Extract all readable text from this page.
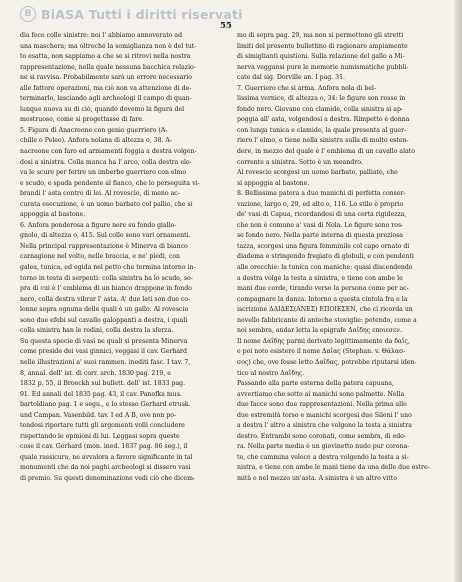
B BiASA Tutti i diritti riservati
55
dia fece colle sinistre: noi l' abbiamo annoverato ad
una maschera; ma oltreché la somiglianza non è del tut-
to esatta, non sappiamo a che se si ritrovi nella nostra
rappresentazione, nella quale nessuna bacchica relazio-
ne si ravvisa. Probabilmente sarà un errore necessario
alle fattore operazioni, ma ciò non va attenzione di de-
terminarlo, lasciando agli archeologi il campo di quan-
lunque nuova su di ciò, quando dovemo la figura del
mostruoso, come si progettasse di fare.
5. Figura di Anacreone con genio guerriero (A-
chille o Peleo). Anfora nolana di altezza o, 38. A-
nacreone con faro ed armamenti foggia a destra volgen-
dosi a sinistra. Colla manca ha l' arco, colla destra ele-
va le scure per ferire un imberbe guerriero con elmo
e scudo, e spada pendente al fianco, che lo perseguita vi-
brandi l' asta contro di lei. Al rovescio, di meno ac-
curata esecuzione, è un uomo barbato col pallio, che si
appoggia al bastone.
6. Anfora ponderosa a figure nere su fondo giallo-
gnolo, di altezza o, 415. Sul collo sono vari ornamenti.
Nella principal rappresentazione è Minerva di bianco
carnagione nel volto, nelle braccia, e ne' piedi, con
galea, tunica, ed egida nel petto che termina intorno in-
torno in testa di serpenti: colla sinistra ha lo scudo, so-
pra di cui è l' emblema di un bianco drappone in fondo
nero, colla destra vibrar l' asta. A' due lati son due co-
lonne sopra ognuna delle quali è un gallo. Al rovescio
sono due efebi sul cavallo galoppanti a destra, i quali
colla sinistra han le redini, colla destra la sferza.
Su questa specie di vasi ne quali si presenta Minerva
come preside dei vasi ginnici, veggasi il cav. Gerhard
nelle illustrazioni a' suoi rammen. inediti fasc. I tav. 7,
8, annal. dell' ist. di corr. arch. 1830 pag. 219, e
1832 p. 55, il Broeckh sul bullett. dell' ist. 1833 pag.
91. Ed annali del 1835 pag. 43, il cav. Panofka mus.
bartoldiano pag. 1 e segu., e lo stesso Gerhard etrusk.
und Campan. Vasenbild. tav. I ed A B, ove non po-
tendosi riportare tutti gli argomenti volli concludere
rispettando le opinioni di lui. Leggasi sopra queste
cose il cav. Gerhard (mon. ined. 1837 pag. 86 seg.), il
quale rassicura, ne avvalora a favore significante in tal
monumenti che da noi paghi archeologi si dissero vasi
di premio. Su questi denominazione vedi ciò che dicem-
mo di sopra pag. 29, ma non si permettono gli stretti
limiti del presente bullettino di ragionare ampiamente
di simiglianti quistioni. Sulla relazione del gallo a Mi-
nerva veggansi pure le memorie numismatiche pubbli-
cate dal sig. Dorville an. I pag. 31.
7. Guerriero che si arma. Anfora nola di bel-
lissima vernice, di altezza o, 34: le figure son rosse in
fondo nero. Giovane con clamide, colla sinistra si ap-
poggia all' asta, volgendosi a destra. Rimpetto è donna
con lunga tunica e clamide, la quale presenta al guer-
riero l' elmo, e tiene nella sinistra sulla di molto esten-
dere, in mezzo del quale è l' emblema di un cavallo alato
corrente a sinistra. Sotto è un meandro.
Al rovescio scorgesi un uomo barbato, palliato, che
si appoggia al bastone.
8. Bellissima patera a due manichi di perfetta conser-
vazione, largo o, 29, ed alto o, 116. Lo stile è proprio
de' vasi di Capua, ricordandosi di una certa rigidezza,
che non è comune a' vasi di Nola. Le figure sono ros-
se fondo nero. Nella parte interna di questa preziosa
tazza, scorgesi una figura femminile col capo ornato di
diadema e stringendo fregiato di globuli, e con pendenti
alle orecchie: la tunica con maniche: quasi discendendo
a destra volge la testa a sinistra, e tiene con ambe le
mani due corde, tirando verso la persona come per ac-
compagnare la danza. Intorno a questa cintola fra e la
iscrizione ΔΑΙΔΕΣ(ΑΝΕΣ) ΕΠΟΙΕΣΕΝ, che ci ricorda un
novello fabbricante di anteche stoviglie: potendo, come a
noi sembra, andar letta la epigrafe Δαΐδης εποιεσεν.
Il nome Δαΐδης parmi derivato legittimamente da δαΐς,
e poi noto esistere il nome Δαΐας (Stephan. v. Θάλασ-
σος) che, ove fosse letto Δαΐδας, potrebbe riputarsi iden-
tico al nostro Δαΐδης.
Passando alla parte esterna della patera capuana,
avvertiamo che sotto ai manichi sono palmette. Nella
due facce sono due rappresentazioni. Nella prima alle
due estremità torso e manichi scorgesi due Sileni l' uno
a destra l' altro a sinistra che volgono la testa a sinistra
destro. Entrambi sono coronati, come sembra, di edo-
ra. Nella parte media è un giovinetto nudo pur corona-
to, che cammina veloce a destra volgendo la testa a si-
nistra, e tiene con ambe le mani tiene da una delle due estre-
mità e nel mezzo un'asta. A sinistra è un altro vitto
